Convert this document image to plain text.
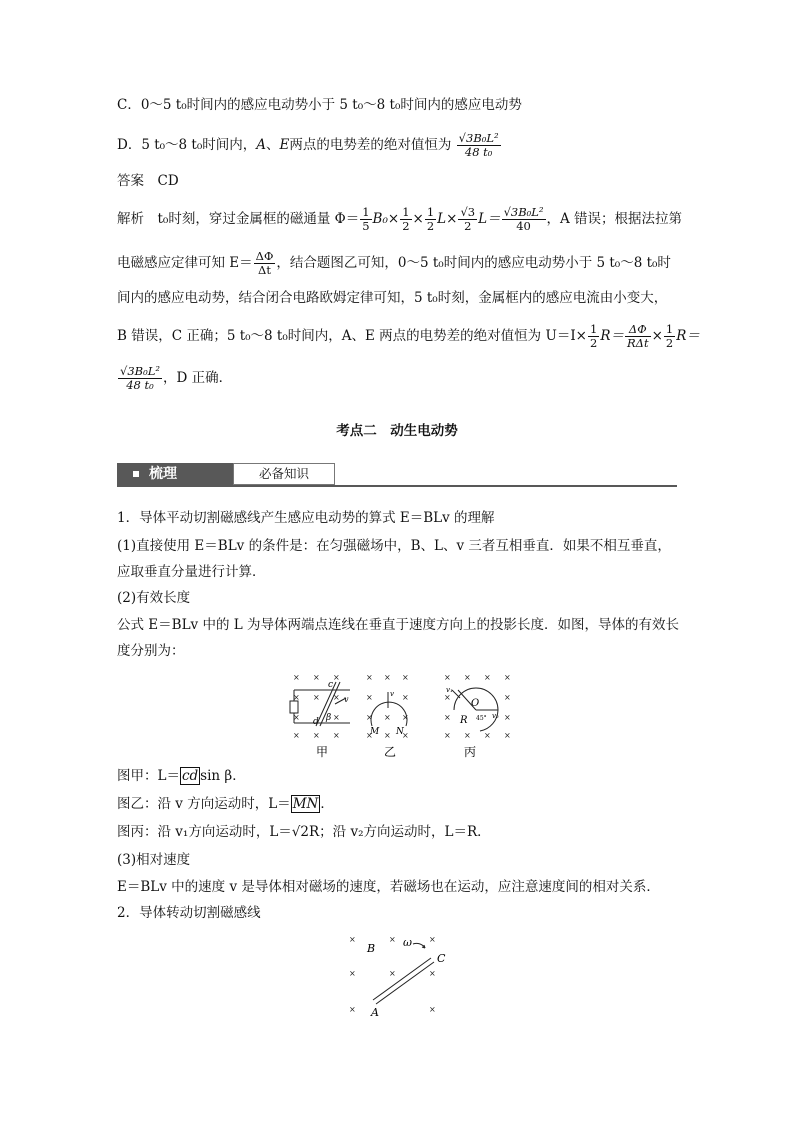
C．0～5 t₀时间内的感应电动势小于 5 t₀～8 t₀时间内的感应电动势
D．5 t₀～8 t₀时间内，A、E两点的电势差的绝对值恒为 $\frac{\text{√3B₀L²}}{\text{48 t₀}}$
答案　CD
解析　t₀时刻，穿过金属框的磁通量 $\Phi= \frac{1}{5} B_0\times \frac{1}{2} \times \frac{1}{2} L\times \frac{√3}{2} L= \frac{\text{√3B₀L²}}{40}$ ，A 错误；根据法拉第
电磁感应定律可知 $E= \frac{\Delta\Phi}{\Delta t}$ ，结合题图乙可知，0～5 t₀时间内的感应电动势小于 5 t₀～8 t₀时
间内的感应电动势，结合闭合电路欧姆定律可知，5 t₀时刻，金属框内的感应电流由小变大，
B 错误，C 正确；5 t₀～8 t₀时间内，A、E 两点的电势差的绝对值恒为 $U=I\times \frac{1}{2} R= \frac{\Delta\Phi}{\text{RΔt}} \times \frac{1}{2} R=$
$\frac{\text{√3B₀L²}}{\text{48 t₀}}$ ，D 正确．
考点二　动生电动势
梳理	必备知识
1．导体平动切割磁感线产生感应电动势的算式 E＝BLv 的理解
(1)直接使用 E＝BLv 的条件是：在匀强磁场中，B、L、v 三者互相垂直．如果不相互垂直，
应取垂直分量进行计算．
(2)有效长度
公式 E＝BLv 中的 L 为导体两端点连线在垂直于速度方向上的投影长度．如图，导体的有效长
度分别为：
× × ×
× × ×
×	×
× × ×
× × ×
×	×
× × ×
× × ×
× × × ×
×	×
×	×
× × × ×
c
d
v
β
甲
v
M N
乙
O
R
v₁
v₂
45°
丙
图甲：L＝ cd sin β．
图乙：沿 v 方向运动时，L＝ MN ．
图丙：沿 v₁方向运动时，L＝√2R；沿 v₂方向运动时，L＝R．
(3)相对速度
E＝BLv 中的速度 v 是导体相对磁场的速度，若磁场也在运动，应注意速度间的相对关系．
2．导体转动切割磁感线
×	×	×
×	×	×
×	×
B
A
C
ω
